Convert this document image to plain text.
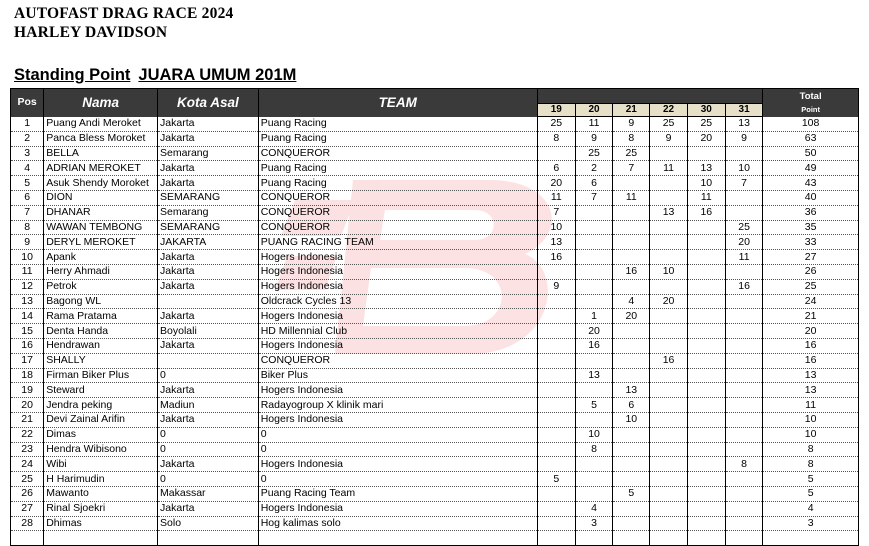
AUTOFAST DRAG RACE 2024
HARLEY DAVIDSON
Standing Point JUARA UMUM 201M
Pos	Nama	Kota Asal	TEAM							Total
Point

				19	20	21	22	30	31	
1	Puang Andi Meroket	Jakarta	Puang Racing	25	11	9	25	25	13	108
2	Panca Bless Moroket	Jakarta	Puang Racing	8	9	8	9	20	9	63
3	BELLA	Semarang	CONQUEROR		25	25				50
4	ADRIAN MEROKET	Jakarta	Puang Racing	6	2	7	11	13	10	49
5	Asuk Shendy Moroket	Jakarta	Puang Racing	20	6			10	7	43
6	DION	SEMARANG	CONQUEROR	11	7	11		11		40
7	DHANAR	Semarang	CONQUEROR	7			13	16		36
8	WAWAN TEMBONG	SEMARANG	CONQUEROR	10					25	35
9	DERYL MEROKET	JAKARTA	PUANG RACING TEAM	13					20	33
10	Apank	Jakarta	Hogers Indonesia	16					11	27
11	Herry Ahmadi	Jakarta	Hogers Indonesia			16	10			26
12	Petrok	Jakarta	Hogers Indonesia	9					16	25
13	Bagong WL		Oldcrack Cycles 13			4	20			24
14	Rama Pratama	Jakarta	Hogers Indonesia		1	20				21
15	Denta Handa	Boyolali	HD Millennial Club		20					20
16	Hendrawan	Jakarta	Hogers Indonesia		16					16
17	SHALLY		CONQUEROR				16			16
18	Firman Biker Plus	0	Biker Plus		13					13
19	Steward	Jakarta	Hogers Indonesia			13				13
20	Jendra peking	Madiun	Radayogroup X klinik mari		5	6				11
21	Devi Zainal Arifin	Jakarta	Hogers Indonesia			10				10
22	Dimas	0	0		10					10
23	Hendra Wibisono	0	0		8					8
24	Wibi	Jakarta	Hogers Indonesia						8	8
25	H Harimudin	0	0	5						5
26	Mawanto	Makassar	Puang Racing Team			5				5
27	Rinal Sjoekri	Jakarta	Hogers Indonesia		4					4
28	Dhimas	Solo	Hog kalimas solo		3					3
